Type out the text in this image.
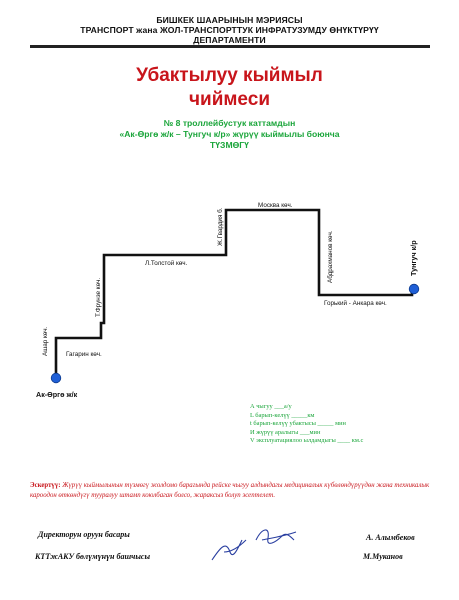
БИШКЕК ШААРЫНЫН МЭРИЯСЫ
ТРАНСПОРТ жана ЖОЛ-ТРАНСПОРТТУК ИНФРАТУЗУМДУ ӨНҮКТҮРҮҮ
ДЕПАРТАМЕНТИ
Убактылуу кыймыл
чиймеси
№ 8 троллейбустук каттамдын
«Ак-Өргө ж/к – Тунгуч к/р» жүрүү кыймылы боюнча
ТҮЗМӨГҮ
Ашар көч.	Гагарин көч.
Т.Фрунзе көч.
Л.Толстой көч.
Ж.Гвардия б.
Москва көч.
Абдрахманов көч.
Горький - Анкара көч.
Ак-Өргө ж/к
Тунгуч к/р
А чыгуу ___а/у
L барып-келүү _____км
t барып-келүү убактысы _____ мин
И жүрүү аралыгы ___мин
V эксплуатациялоо ылдамдыгы ____ км.с
Эскертүү: Жүрүү кыймылынын түзмөгү жолдомо барагында рейске чыгуу алдындагы медициналык күбөлөндүрүүдөн жана техникалык кароодон өткөндүгү тууралуу штамп коюлбаган болсо, жараксыз болуп эсептелет.
Директорун оруун басары	А. Алымбеков
КТТжАКУ бөлүмүнүн башчысы	М.Муканов
